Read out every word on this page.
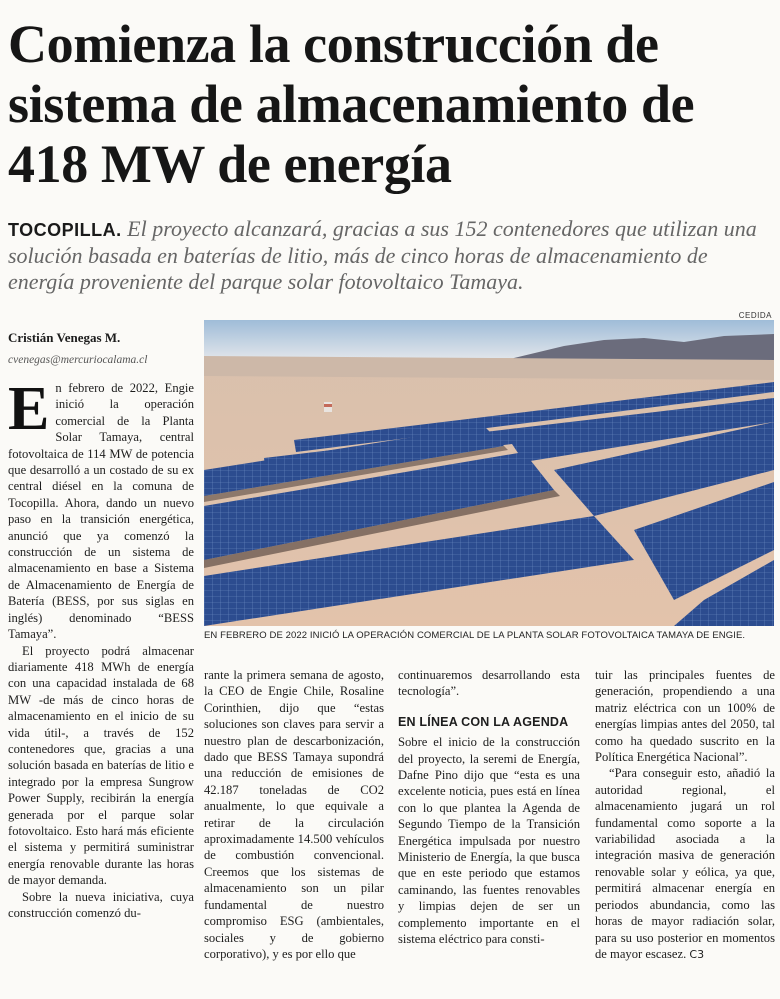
Comienza la construcción de sistema de almacenamiento de 418 MW de energía
TOCOPILLA. El proyecto alcanzará, gracias a sus 152 contenedores que utilizan una solución basada en baterías de litio, más de cinco horas de almacenamiento de energía proveniente del parque solar fotovoltaico Tamaya.
Cristián Venegas M.
cvenegas@mercuriocalama.cl
CEDIDA
EN FEBRERO DE 2022 INICIÓ LA OPERACIÓN COMERCIAL DE LA PLANTA SOLAR FOTOVOLTAICA TAMAYA DE ENGIE.

En febrero de 2022, Engie inició la operación comercial de la Planta Solar Tamaya, central fotovoltaica de 114 MW de potencia que desarrolló a un costado de su ex central diésel en la comuna de Tocopilla. Ahora, dando un nuevo paso en la transición energética, anunció que ya comenzó la construcción de un sistema de almacenamiento en base a Sistema de Almacenamiento de Energía de Batería (BESS, por sus siglas en inglés) denominado “BESS Tamaya”.

El proyecto podrá almacenar diariamente 418 MWh de energía con una capacidad instalada de 68 MW -de más de cinco horas de almacenamiento en el inicio de su vida útil-, a través de 152 contenedores que, gracias a una solución basada en baterías de litio e integrado por la empresa Sungrow Power Supply, recibirán la energía generada por el parque solar fotovoltaico. Esto hará más eficiente el sistema y permitirá suministrar energía renovable durante las horas de mayor demanda.

Sobre la nueva iniciativa, cuya construcción comenzó du-

rante la primera semana de agosto, la CEO de Engie Chile, Rosaline Corinthien, dijo que “estas soluciones son claves para servir a nuestro plan de descarbonización, dado que BESS Tamaya supondrá una reducción de emisiones de 42.187 toneladas de CO2 anualmente, lo que equivale a retirar de la circulación aproximadamente 14.500 vehículos de combustión convencional. Creemos que los sistemas de almacenamiento son un pilar fundamental de nuestro compromiso ESG (ambientales, sociales y de gobierno corporativo), y es por ello que

continuaremos desarrollando esta tecnología”.

EN LÍNEA CON LA AGENDA

Sobre el inicio de la construcción del proyecto, la seremi de Energía, Dafne Pino dijo que “esta es una excelente noticia, pues está en línea con lo que plantea la Agenda de Segundo Tiempo de la Transición Energética impulsada por nuestro Ministerio de Energía, la que busca que en este periodo que estamos caminando, las fuentes renovables y limpias dejen de ser un complemento importante en el sistema eléctrico para consti-

tuir las principales fuentes de generación, propendiendo a una matriz eléctrica con un 100% de energías limpias antes del 2050, tal como ha quedado suscrito en la Política Energética Nacional”.

“Para conseguir esto, añadió la autoridad regional, el almacenamiento jugará un rol fundamental como soporte a la variabilidad asociada a la integración masiva de generación renovable solar y eólica, ya que, permitirá almacenar energía en periodos abundancia, como las horas de mayor radiación solar, para su uso posterior en momentos de mayor escasez. C3
